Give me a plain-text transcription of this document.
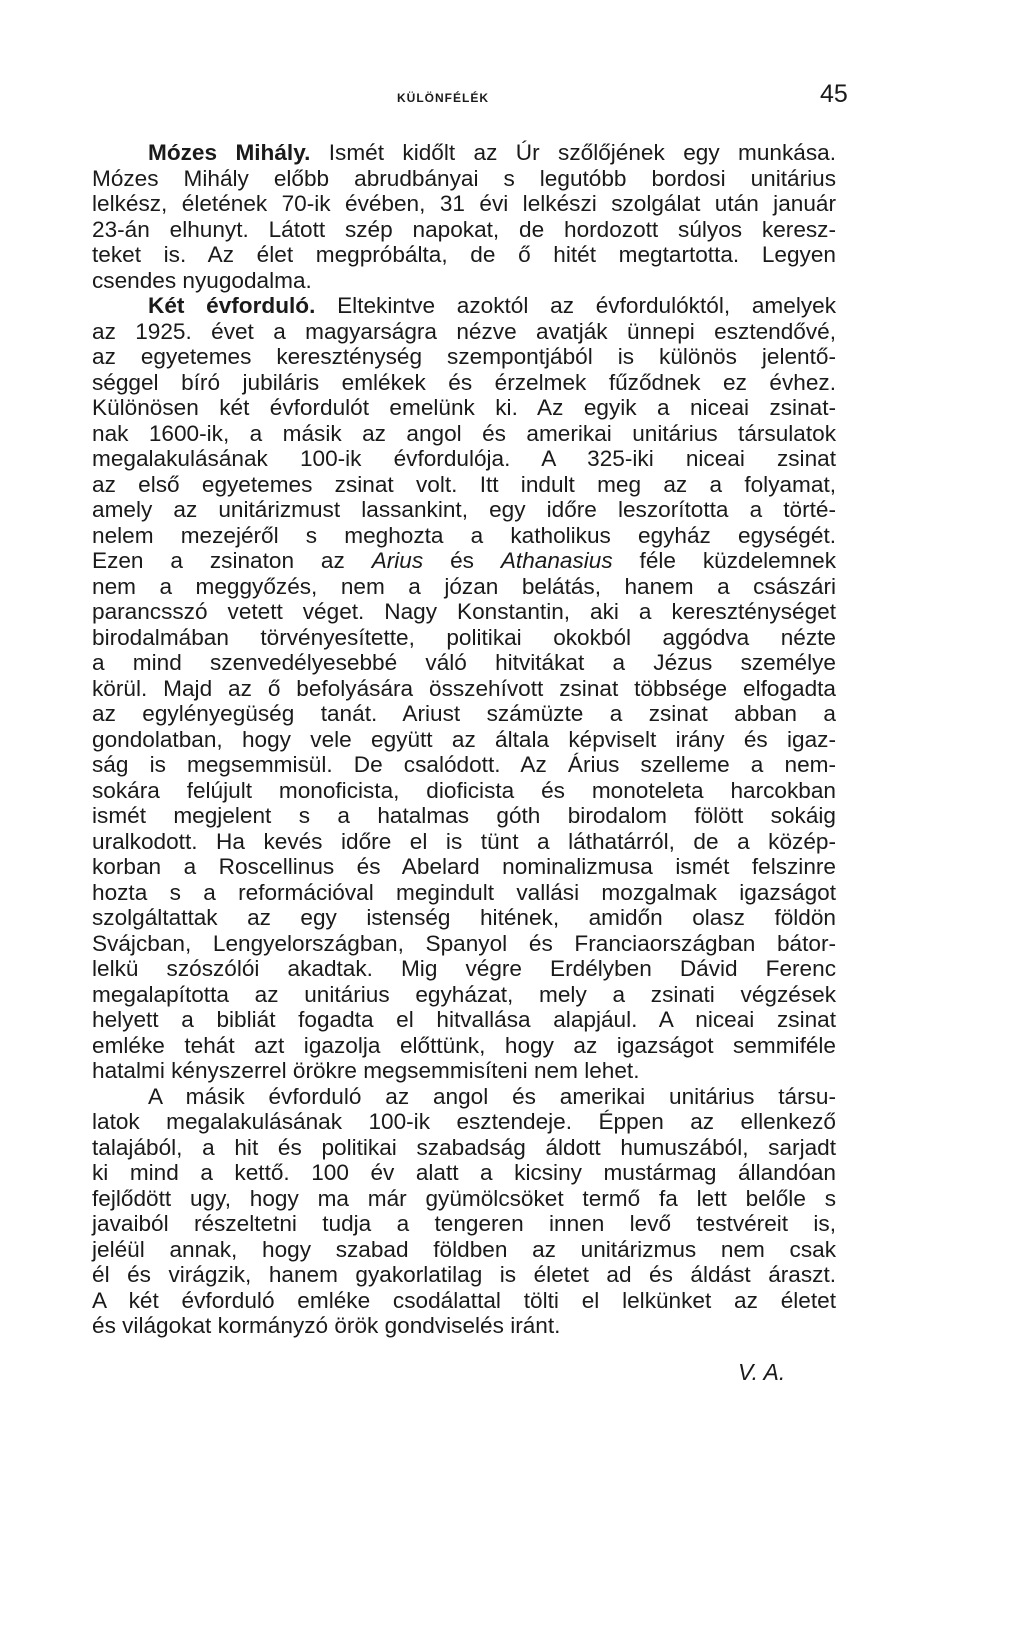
KÜLÖNFÉLÉK	45
Mózes Mihály. Ismét kidőlt az Úr szőlőjének egy munkása.
Mózes Mihály előbb abrudbányai s legutóbb bordosi unitárius
lelkész, életének 70-ik évében, 31 évi lelkészi szolgálat után január
23-án elhunyt. Látott szép napokat, de hordozott súlyos keresz-
teket is. Az élet megpróbálta, de ő hitét megtartotta. Legyen
csendes nyugodalma.
Két évforduló. Eltekintve azoktól az évfordulóktól, amelyek
az 1925. évet a magyarságra nézve avatják ünnepi esztendővé,
az egyetemes kereszténység szempontjából is különös jelentő-
séggel bíró jubiláris emlékek és érzelmek fűződnek ez évhez.
Különösen két évfordulót emelünk ki. Az egyik a niceai zsinat-
nak 1600-ik, a másik az angol és amerikai unitárius társulatok
megalakulásának 100-ik évfordulója. A 325-iki niceai zsinat
az első egyetemes zsinat volt. Itt indult meg az a folyamat,
amely az unitárizmust lassankint, egy időre leszorította a törté-
nelem mezejéről s meghozta a katholikus egyház egységét.
Ezen a zsinaton az Arius és Athanasius féle küzdelemnek
nem a meggyőzés, nem a józan belátás, hanem a császári
parancsszó vetett véget. Nagy Konstantin, aki a kereszténységet
birodalmában törvényesítette, politikai okokból aggódva nézte
a mind szenvedélyesebbé váló hitvitákat a Jézus személye
körül. Majd az ő befolyására összehívott zsinat többsége elfogadta
az egylényegüség tanát. Ariust számüzte a zsinat abban a
gondolatban, hogy vele együtt az általa képviselt irány és igaz-
ság is megsemmisül. De csalódott. Az Árius szelleme a nem-
sokára felújult monoficista, dioficista és monoteleta harcokban
ismét megjelent s a hatalmas góth birodalom fölött sokáig
uralkodott. Ha kevés időre el is tünt a láthatárról, de a közép-
korban a Roscellinus és Abelard nominalizmusa ismét felszinre
hozta s a reformációval megindult vallási mozgalmak igazságot
szolgáltattak az egy istenség hitének, amidőn olasz földön
Svájcban, Lengyelországban, Spanyol és Franciaországban bátor-
lelkü szószólói akadtak. Mig végre Erdélyben Dávid Ferenc
megalapította az unitárius egyházat, mely a zsinati végzések
helyett a bibliát fogadta el hitvallása alapjául. A niceai zsinat
emléke tehát azt igazolja előttünk, hogy az igazságot semmiféle
hatalmi kényszerrel örökre megsemmisíteni nem lehet.
A másik évforduló az angol és amerikai unitárius társu-
latok megalakulásának 100-ik esztendeje. Éppen az ellenkező
talajából, a hit és politikai szabadság áldott humuszából, sarjadt
ki mind a kettő. 100 év alatt a kicsiny mustármag állandóan
fejlődött ugy, hogy ma már gyümölcsöket termő fa lett belőle s
javaiból részeltetni tudja a tengeren innen levő testvéreit is,
jeléül annak, hogy szabad földben az unitárizmus nem csak
él és virágzik, hanem gyakorlatilag is életet ad és áldást áraszt.
A két évforduló emléke csodálattal tölti el lelkünket az életet
és világokat kormányzó örök gondviselés iránt.
V. A.
